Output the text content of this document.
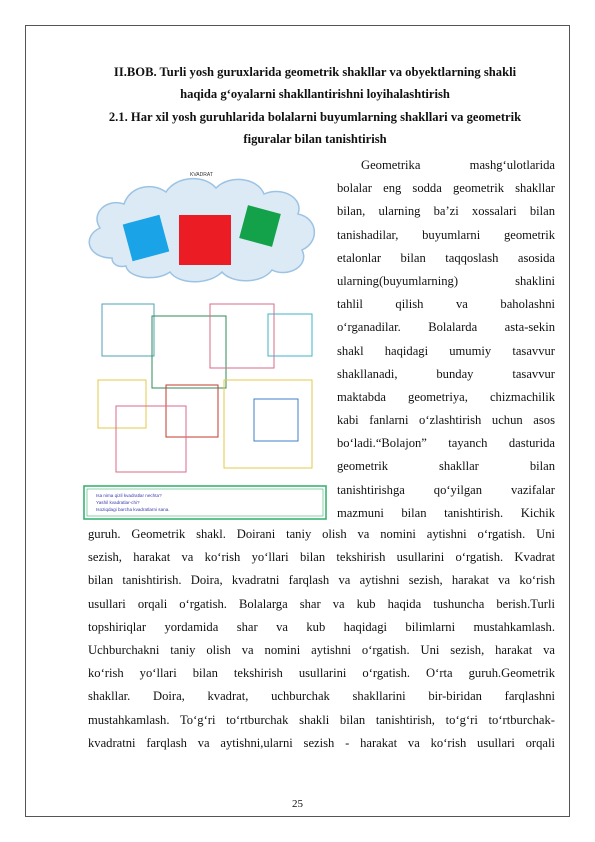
II.BOB. Turli yosh guruxlarida geometrik shakllar va obyektlarning shakli
haqida g‘oyalarni shakllantirishni loyihalashtirish
2.1. Har xil yosh guruhlarida bolalarni buyumlarning shakllari va geometrik
figuralar bilan tanishtirish
KVADRAT
Isa nima qizil kvadratlar nechta?
Yashil kvadratlar-chi?
Isoziqdagi barcha kvadratlarni sana.
Geometrika mashg‘ulotlarida
bolalar eng sodda geometrik shakllar
bilan, ularning ba’zi xossalari bilan
tanishadilar, buyumlarni geometrik
etalonlar bilan taqqoslash asosida
ularning(buyumlarning) shaklini
tahlil qilish va baholashni
o‘rganadilar. Bolalarda asta-sekin
shakl haqidagi umumiy tasavvur
shakllanadi, bunday tasavvur
maktabda geometriya, chizmachilik
kabi fanlarni o‘zlashtirish uchun asos
bo‘ladi.“Bolajon” tayanch dasturida
geometrik shakllar bilan
tanishtirishga qo‘yilgan vazifalar
mazmuni bilan tanishtirish. Kichik
guruh. Geometrik shakl. Doirani taniy olish va nomini aytishni o‘rgatish. Uni
sezish, harakat va ko‘rish yo‘llari bilan tekshirish usullarini o‘rgatish. Kvadrat
bilan tanishtirish. Doira, kvadratni farqlash va aytishni sezish, harakat va ko‘rish
usullari orqali o‘rgatish. Bolalarga shar va kub haqida tushuncha berish.Turli
topshiriqlar yordamida shar va kub haqidagi bilimlarni mustahkamlash.
Uchburchakni taniy olish va nomini aytishni o‘rgatish. Uni sezish, harakat va
ko‘rish yo‘llari bilan tekshirish usullarini o‘rgatish. O‘rta guruh.Geometrik
shakllar. Doira, kvadrat, uchburchak shakllarini bir-biridan farqlashni
mustahkamlash. To‘g‘ri to‘rtburchak shakli bilan tanishtirish, to‘g‘ri to‘rtburchak-
kvadratni farqlash va aytishni,ularni sezish - harakat va ko‘rish usullari orqali
25
